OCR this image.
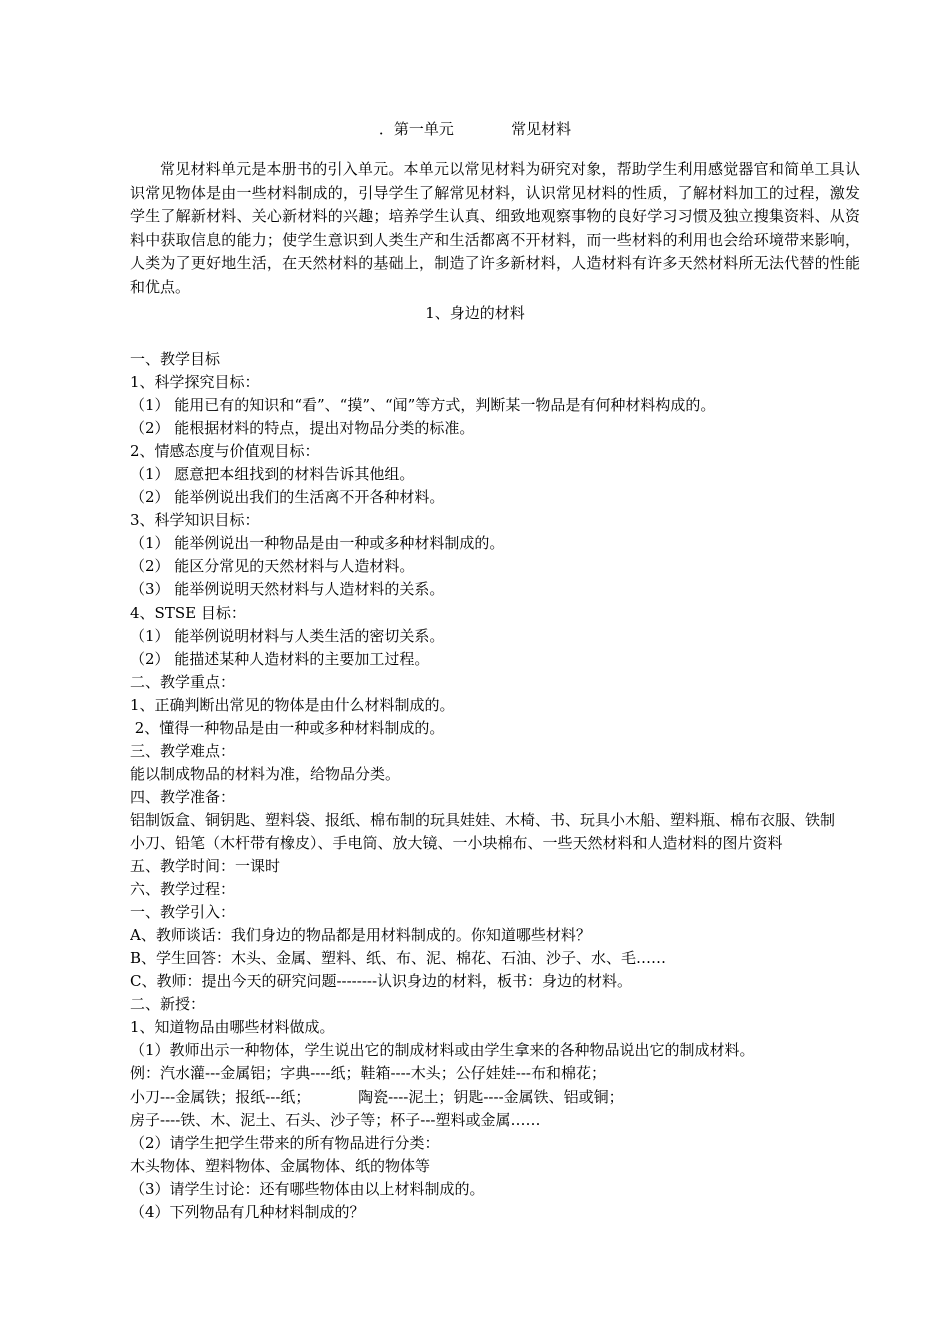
．第一单元            常见材料

常见材料单元是本册书的引入单元。本单元以常见材料为研究对象，帮助学生利用感觉器官和简单工具认识常见物体是由一些材料制成的，引导学生了解常见材料，认识常见材料的性质，了解材料加工的过程，激发学生了解新材料、关心新材料的兴趣；培养学生认真、细致地观察事物的良好学习习惯及独立搜集资料、从资料中获取信息的能力；使学生意识到人类生产和生活都离不开材料，而一些材料的利用也会给环境带来影响，人类为了更好地生活，在天然材料的基础上，制造了许多新材料，人造材料有许多天然材料所无法代替的性能和优点。

1、身边的材料
一、教学目标
1、科学探究目标：
（1） 能用已有的知识和“看”、“摸”、“闻”等方式，判断某一物品是有何种材料构成的。
（2） 能根据材料的特点，提出对物品分类的标准。
2、情感态度与价值观目标：
（1） 愿意把本组找到的材料告诉其他组。
（2） 能举例说出我们的生活离不开各种材料。
3、科学知识目标：
（1） 能举例说出一种物品是由一种或多种材料制成的。
（2） 能区分常见的天然材料与人造材料。
（3） 能举例说明天然材料与人造材料的关系。
4、STSE 目标：
（1） 能举例说明材料与人类生活的密切关系。
（2） 能描述某种人造材料的主要加工过程。
二、教学重点：
1、正确判断出常见的物体是由什么材料制成的。
2、懂得一种物品是由一种或多种材料制成的。
三、教学难点：
能以制成物品的材料为准，给物品分类。
四、教学准备：
铝制饭盒、铜钥匙、塑料袋、报纸、棉布制的玩具娃娃、木椅、书、玩具小木船、塑料瓶、棉布衣服、铁制
小刀、铅笔（木杆带有橡皮）、手电筒、放大镜、一小块棉布、一些天然材料和人造材料的图片资料
五、教学时间：一课时
六、教学过程：
一、教学引入：
A、教师谈话：我们身边的物品都是用材料制成的。你知道哪些材料？
B、学生回答：木头、金属、塑料、纸、布、泥、棉花、石油、沙子、水、毛……
C、教师：提出今天的研究问题--------认识身边的材料，板书：身边的材料。
二、新授：
1、知道物品由哪些材料做成。
（1）教师出示一种物体，学生说出它的制成材料或由学生拿来的各种物品说出它的制成材料。
例：汽水灌---金属铝；字典----纸；鞋箱----木头；公仔娃娃---布和棉花；
小刀---金属铁；报纸---纸；          陶瓷----泥土；钥匙----金属铁、铝或铜；
房子----铁、木、泥土、石头、沙子等；杯子---塑料或金属……
（2）请学生把学生带来的所有物品进行分类：
木头物体、塑料物体、金属物体、纸的物体等
（3）请学生讨论：还有哪些物体由以上材料制成的。
（4）下列物品有几种材料制成的？
